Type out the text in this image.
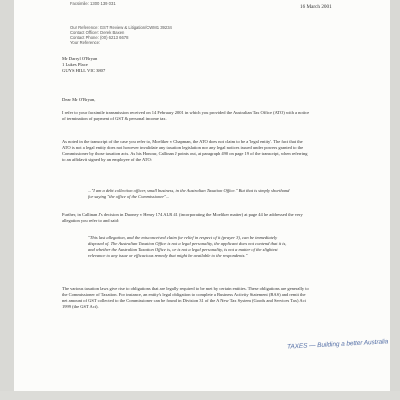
Facsimile: 1300 139 031
16 March 2001
Our Reference: GST Review & Litigation/CWM1 39234
Contact Officer: Derek Baxen
Contact Phone: (00) 6213 6678
Your Reference:
Mr Darryl O'Bryan
1 Lukes Place
GUYS HILL VIC 3807
Dear Mr O'Bryan,
I refer to your facsimile transmission received on 14 February 2001 in which you provided the Australian Tax Office (ATO) with a notice of termination of payment of GST & personal income tax.
As noted in the transcript of the case you refer to, Moeliker v Chapman, the ATO does not claim to be a 'legal entity'. The fact that the ATO is not a legal entity does not however invalidate any taxation legislation nor any legal notices issued under powers granted to the Commissioner by those taxation acts. As his Honour, Callinan J points out, at paragraph 490 on page 19 of the transcript, when referring to an affidavit signed by an employee of the ATO:
..."I am a debt collection officer, small business, in the Australian Taxation Office." But that is simply shorthand for saying "the office of the Commissioner"...
Further, in Callinan J's decision in Duoney v Henry 174 ALR 41 (incorporating the Moeliker matter) at page 44 he addressed the very allegation you refer to and said:
"This last allegation, and the misconceived claim for relief in respect of it (prayer 3), can be immediately disposed of. The Australian Taxation Office is not a legal personality, the applicant does not contend that it is, and whether the Australian Taxation Office is, or is not a legal personality, is not a matter of the slightest relevance to any issue or efficacious remedy that might be available to the respondents."
The various taxation laws give rise to obligations that are legally required to be met by certain entities. These obligations are generally to the Commissioner of Taxation. For instance, an entity's legal obligation to complete a Business Activity Statement (BAS) and remit the net amount of GST collected to the Commissioner can be found in Division 31 of the A New Tax System (Goods and Services Tax) Act 1999 (the GST Act).
TAXES — Building a better Australia
